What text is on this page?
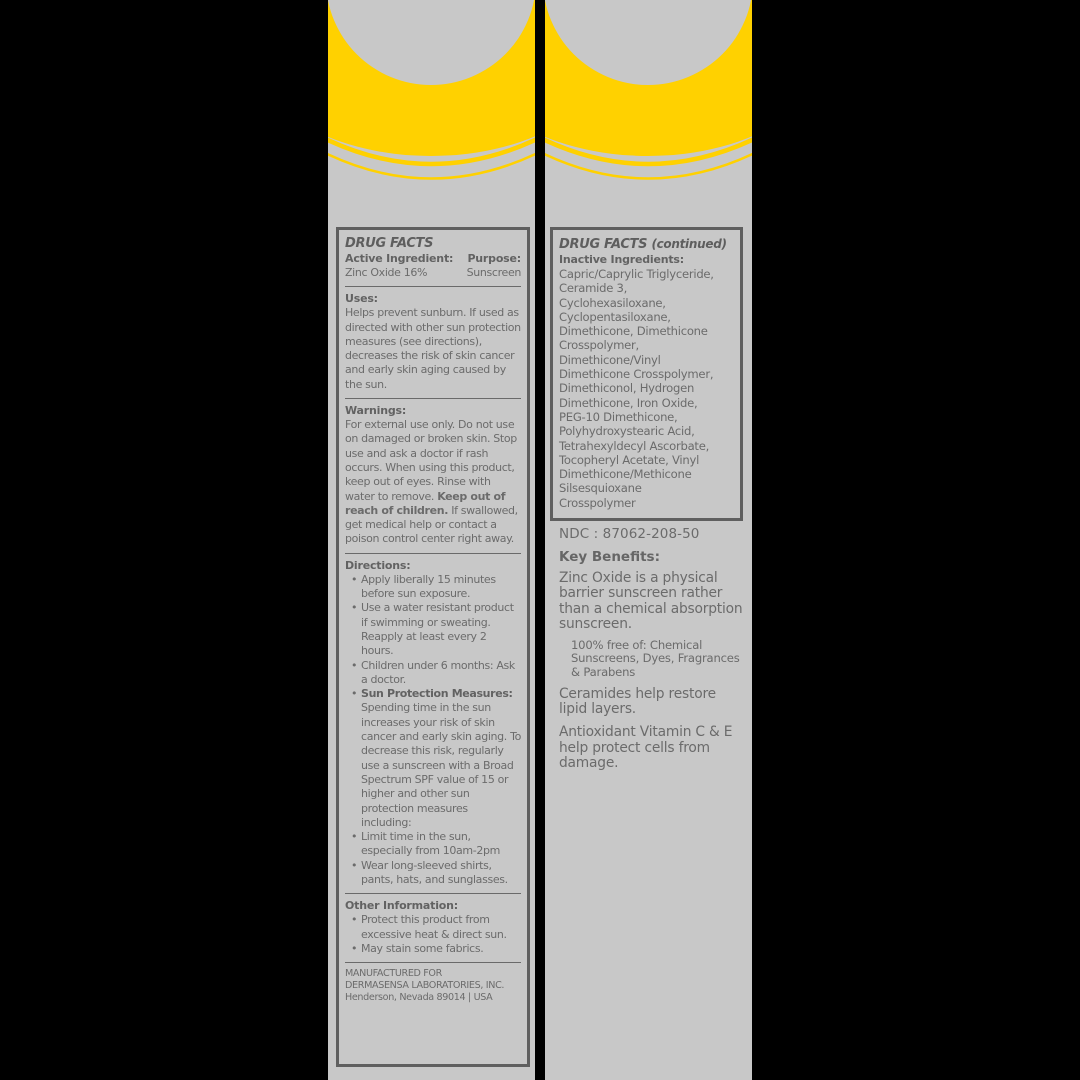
DRUG FACTS
Active Ingredient: Purpose:
Zinc Oxide 16%	Sunscreen
Uses:
Helps prevent sunburn. If used as directed with other sun protection measures (see directions), decreases the risk of skin cancer and early skin aging caused by the sun.
Warnings:
For external use only. Do not use on damaged or broken skin. Stop use and ask a doctor if rash occurs. When using this product, keep out of eyes. Rinse with water to remove. Keep out of reach of children. If swallowed, get medical help or contact a poison control center right away.
Directions:
• Apply liberally 15 minutes before sun exposure.
• Use a water resistant product if swimming or sweating. Reapply at least every 2 hours.
• Children under 6 months: Ask a doctor.
• Sun Protection Measures: Spending time in the sun increases your risk of skin cancer and early skin aging. To decrease this risk, regularly use a sunscreen with a Broad Spectrum SPF value of 15 or higher and other sun protection measures including:
• Limit time in the sun, especially from 10am-2pm
• Wear long-sleeved shirts, pants, hats, and sunglasses.
Other Information:
• Protect this product from excessive heat & direct sun.
• May stain some fabrics.
MANUFACTURED FOR
DERMASENSA LABORATORIES, INC.
Henderson, Nevada 89014 | USA
DRUG FACTS (continued)
Inactive Ingredients:
Capric/Caprylic Triglyceride,
Ceramide 3,
Cyclohexasiloxane,
Cyclopentasiloxane,
Dimethicone, Dimethicone
Crosspolymer,
Dimethicone/Vinyl
Dimethicone Crosspolymer,
Dimethiconol, Hydrogen
Dimethicone, Iron Oxide,
PEG-10 Dimethicone,
Polyhydroxystearic Acid,
Tetrahexyldecyl Ascorbate,
Tocopheryl Acetate, Vinyl
Dimethicone/Methicone
Silsesquioxane
Crosspolymer
NDC : 87062-208-50
Key Benefits:
Zinc Oxide is a physical barrier sunscreen rather than a chemical absorption sunscreen.
100% free of: Chemical Sunscreens, Dyes, Fragrances & Parabens
Ceramides help restore lipid layers.
Antioxidant Vitamin C & E help protect cells from damage.
